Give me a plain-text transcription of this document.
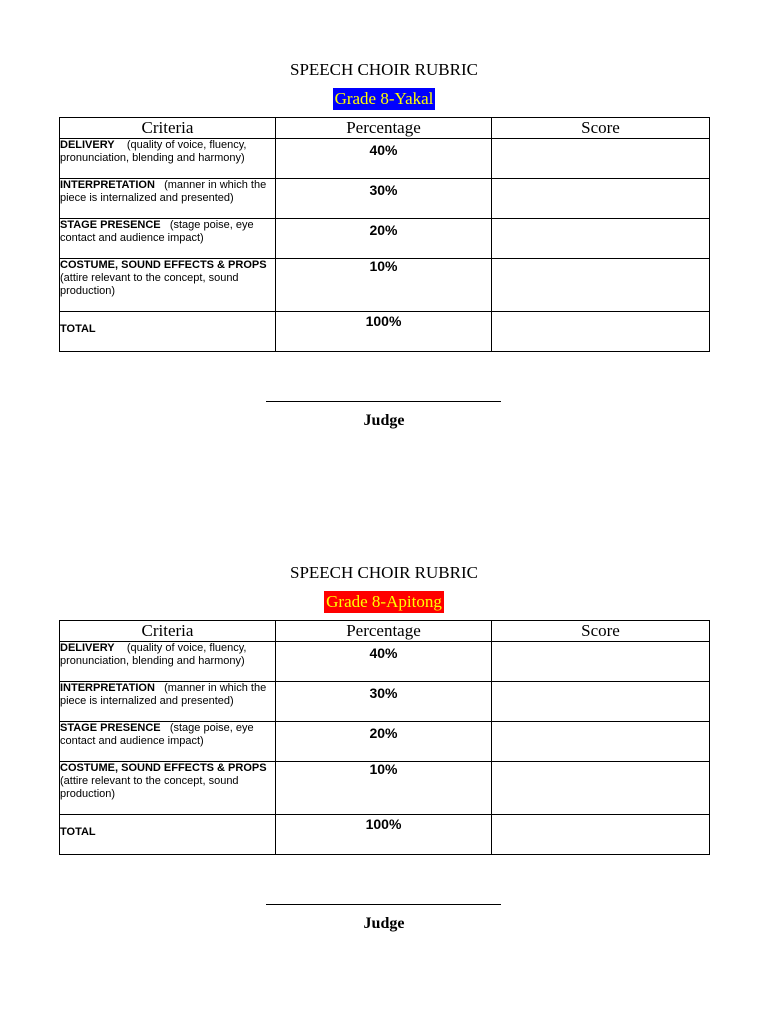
SPEECH CHOIR RUBRIC
Grade 8-Yakal
Criteria	Percentage	Score
DELIVERY (quality of voice, fluency, pronunciation, blending and harmony)	40%	

INTERPRETATION (manner in which the piece is internalized and presented)	30%	

STAGE PRESENCE (stage poise, eye contact and audience impact)	20%	

COSTUME, SOUND EFFECTS & PROPS  (attire relevant to the concept, sound production)	10%	

TOTAL	100%	

Judge
SPEECH CHOIR RUBRIC
Grade 8-Apitong
Criteria	Percentage	Score
DELIVERY (quality of voice, fluency, pronunciation, blending and harmony)	40%	

INTERPRETATION (manner in which the piece is internalized and presented)	30%	

STAGE PRESENCE (stage poise, eye contact and audience impact)	20%	

COSTUME, SOUND EFFECTS & PROPS  (attire relevant to the concept, sound production)	10%	

TOTAL	100%	

Judge
